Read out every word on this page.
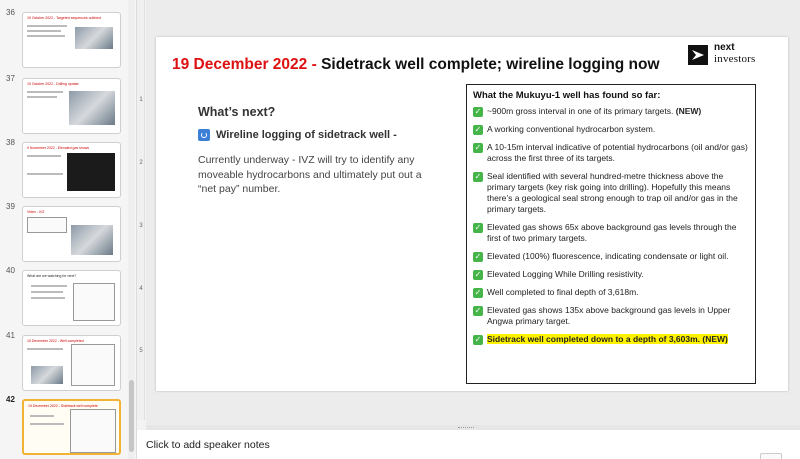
36
19 October 2022 - Targeted sequences outlined
37
19 October 2022 - Drilling update
38
9 November 2022 - Elevated gas shows
39
Video - IVZ
40
What are we watching for next?
41
15 December 2022 - Well completed
42
19 December 2022 - Sidetrack well complete
1
2
3
4
5
19 December 2022 - Sidetrack well complete; wireline logging now
next
investors
What’s next?
Wireline logging of sidetrack well -
Currently underway - IVZ will try to identify any moveable hydrocarbons and ultimately put out a “net pay” number.
What the Mukuyu-1 well has found so far:
✓ ~900m gross interval in one of its primary targets. (NEW)
✓ A working conventional hydrocarbon system.
✓ A 10-15m interval indicative of potential hydrocarbons (oil and/or gas) across the first three of its targets.
✓ Seal identified with several hundred-metre thickness above the primary targets (key risk going into drilling). Hopefully this means there’s a geological seal strong enough to trap oil and/or gas in the primary targets.
✓ Elevated gas shows 65x above background gas levels through the first of two primary targets.
✓ Elevated (100%) fluorescence, indicating condensate or light oil.
✓ Elevated Logging While Drilling resistivity.
✓ Well completed to final depth of 3,618m.
✓ Elevated gas shows 135x above background gas levels in Upper Angwa primary target.
✓ Sidetrack well completed down to a depth of 3,603m. (NEW)
Click to add speaker notes
